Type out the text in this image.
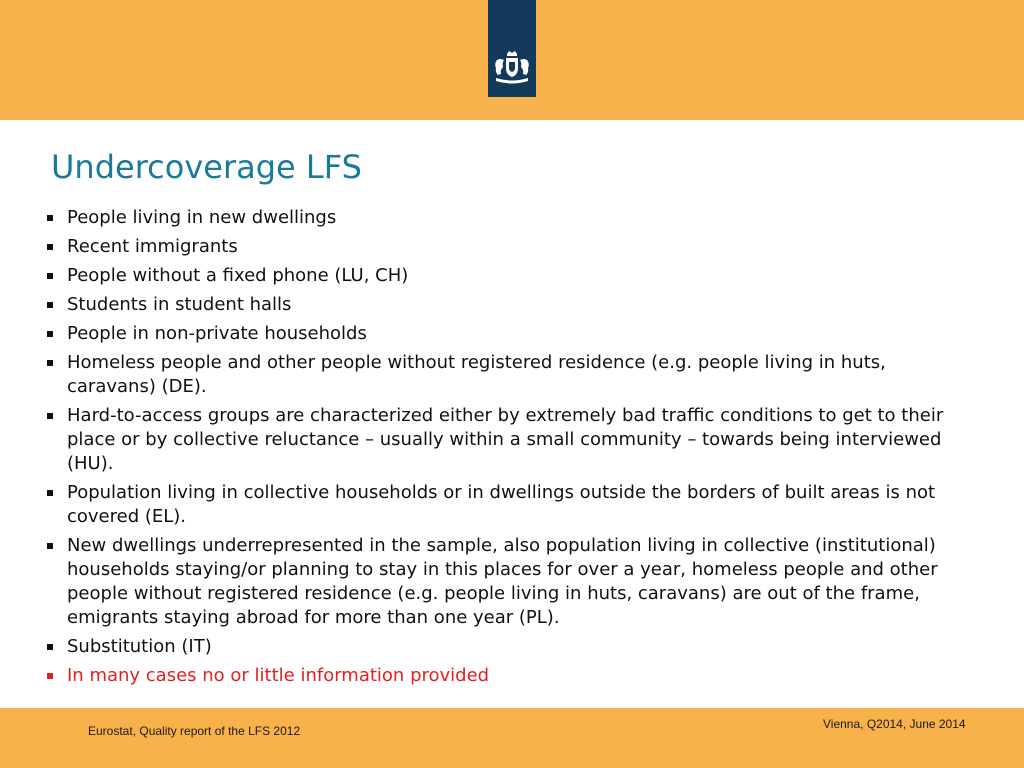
Undercoverage LFS
People living in new dwellings
Recent immigrants
People without a fixed phone (LU, CH)
Students in student halls
People in non-private households
Homeless people and other people without registered residence (e.g. people living in huts, caravans) (DE).
Hard-to-access groups are characterized either by extremely bad traffic conditions to get to their place or by collective reluctance – usually within a small community – towards being interviewed (HU).
Population living in collective households or in dwellings outside the borders of built areas is not covered (EL).
New dwellings underrepresented in the sample, also population living in collective (institutional) households staying/or planning to stay in this places for over a year, homeless people and other people without registered residence (e.g. people living in huts, caravans) are out of the frame, emigrants staying abroad for more than one year (PL).
Substitution (IT)
In many cases no or little information provided
Eurostat, Quality report of the LFS 2012	Vienna, Q2014, June 2014
